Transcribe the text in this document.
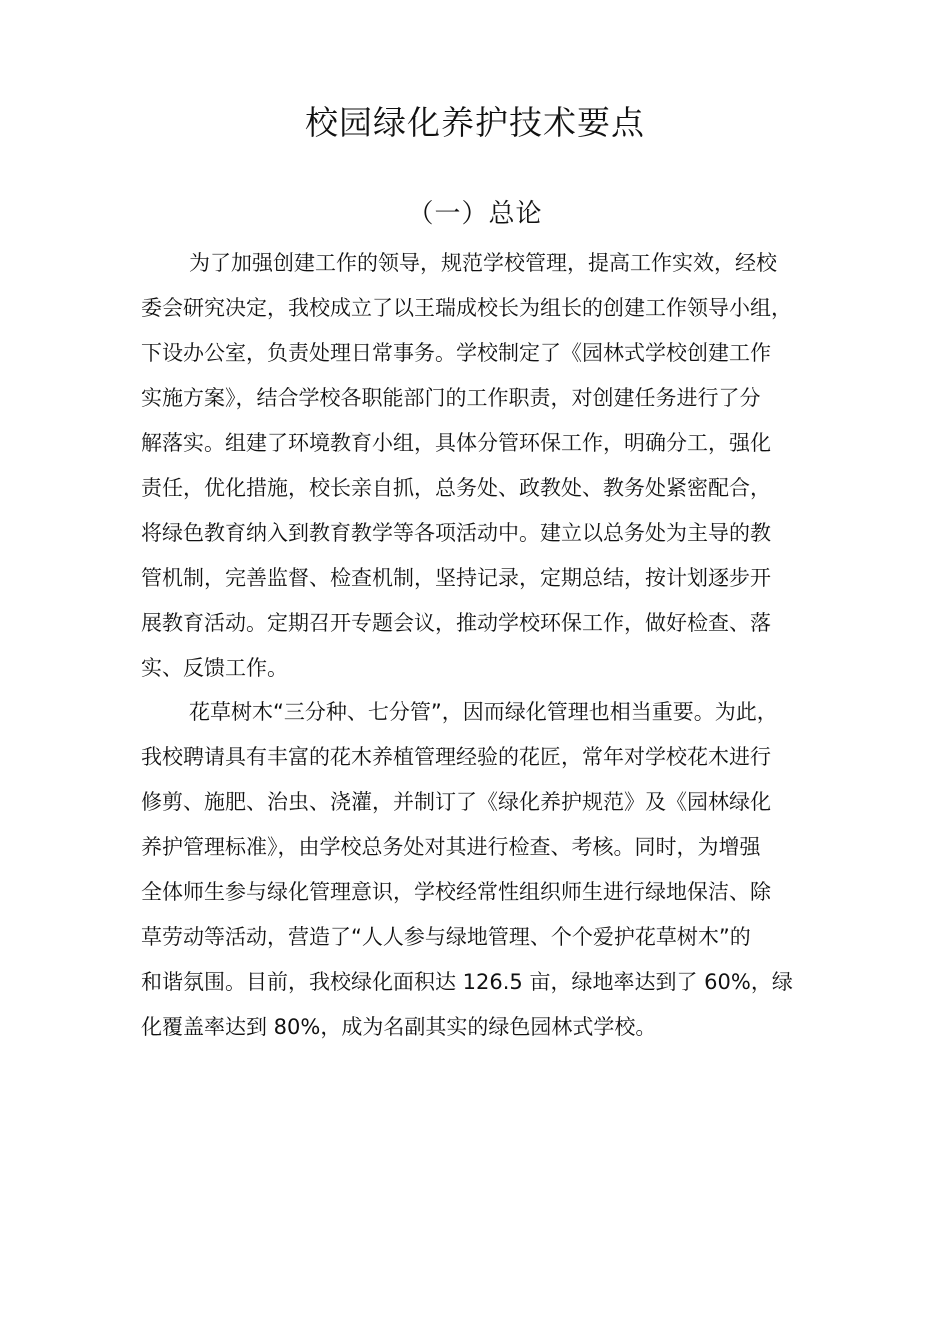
校园绿化养护技术要点
（一）总论
为了加强创建工作的领导，规范学校管理，提高工作实效，经校
委会研究决定，我校成立了以王瑞成校长为组长的创建工作领导小组，
下设办公室，负责处理日常事务。学校制定了《园林式学校创建工作
实施方案》，结合学校各职能部门的工作职责，对创建任务进行了分
解落实。组建了环境教育小组，具体分管环保工作，明确分工，强化
责任，优化措施，校长亲自抓，总务处、政教处、教务处紧密配合，
将绿色教育纳入到教育教学等各项活动中。建立以总务处为主导的教
管机制，完善监督、检查机制，坚持记录，定期总结，按计划逐步开
展教育活动。定期召开专题会议，推动学校环保工作，做好检查、落
实、反馈工作。
花草树木“三分种、七分管”，因而绿化管理也相当重要。为此，
我校聘请具有丰富的花木养植管理经验的花匠，常年对学校花木进行
修剪、施肥、治虫、浇灌，并制订了《绿化养护规范》及《园林绿化
养护管理标准》，由学校总务处对其进行检查、考核。同时，为增强
全体师生参与绿化管理意识，学校经常性组织师生进行绿地保洁、除
草劳动等活动，营造了“人人参与绿地管理、个个爱护花草树木”的
和谐氛围。目前，我校绿化面积达 126.5 亩，绿地率达到了 60%，绿
化覆盖率达到 80%，成为名副其实的绿色园林式学校。
